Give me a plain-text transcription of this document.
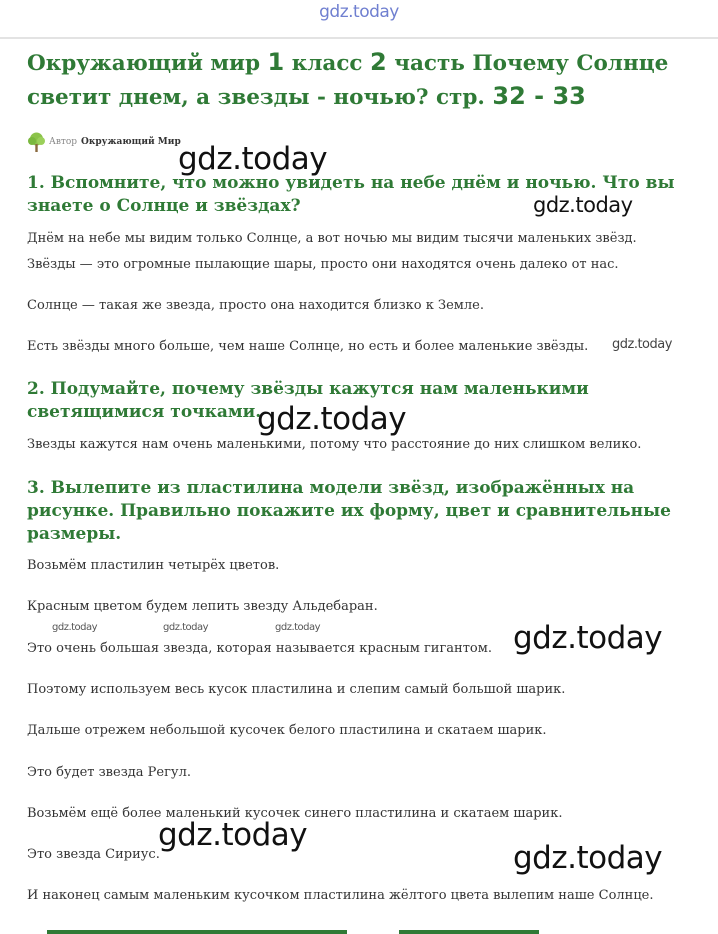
gdz.today
Окружающий мир 1 класс 2 часть Почему Солнце светит днем, а звезды - ночью? стр. 32 - 33
Автор Окружающий Мир
1. Вспомните, что можно увидеть на небе днём и ночью. Что вы знаете о Солнце и звёздах?

Днём на небе мы видим только Солнце, а вот ночью мы видим тысячи маленьких звёзд.

Звёзды — это огромные пылающие шары, просто они находятся очень далеко от нас.

Солнце — такая же звезда, просто она находится близко к Земле.

Есть звёзды много больше, чем наше Солнце, но есть и более маленькие звёзды.

2. Подумайте, почему звёзды кажутся нам маленькими светящимися точками.

Звезды кажутся нам очень маленькими, потому что расстояние до них слишком велико.

3. Вылепите из пластилина модели звёзд, изображённых на рисунке. Правильно покажите их форму, цвет и сравнительные размеры.

Возьмём пластилин четырёх цветов.

Красным цветом будем лепить звезду Альдебаран.

Это очень большая звезда, которая называется красным гигантом.

Поэтому используем весь кусок пластилина и слепим самый большой шарик.

Дальше отрежем небольшой кусочек белого пластилина и скатаем шарик.

Это будет звезда Регул.

Возьмём ещё более маленький кусочек синего пластилина и скатаем шарик.

Это звезда Сириус.

И наконец самым маленьким кусочком пластилина жёлтого цвета вылепим наше Солнце.

gdz.today
gdz.today
gdz.today
gdz.today
gdz.today	gdz.today	gdz.today	gdz.today
gdz.today
gdz.today
